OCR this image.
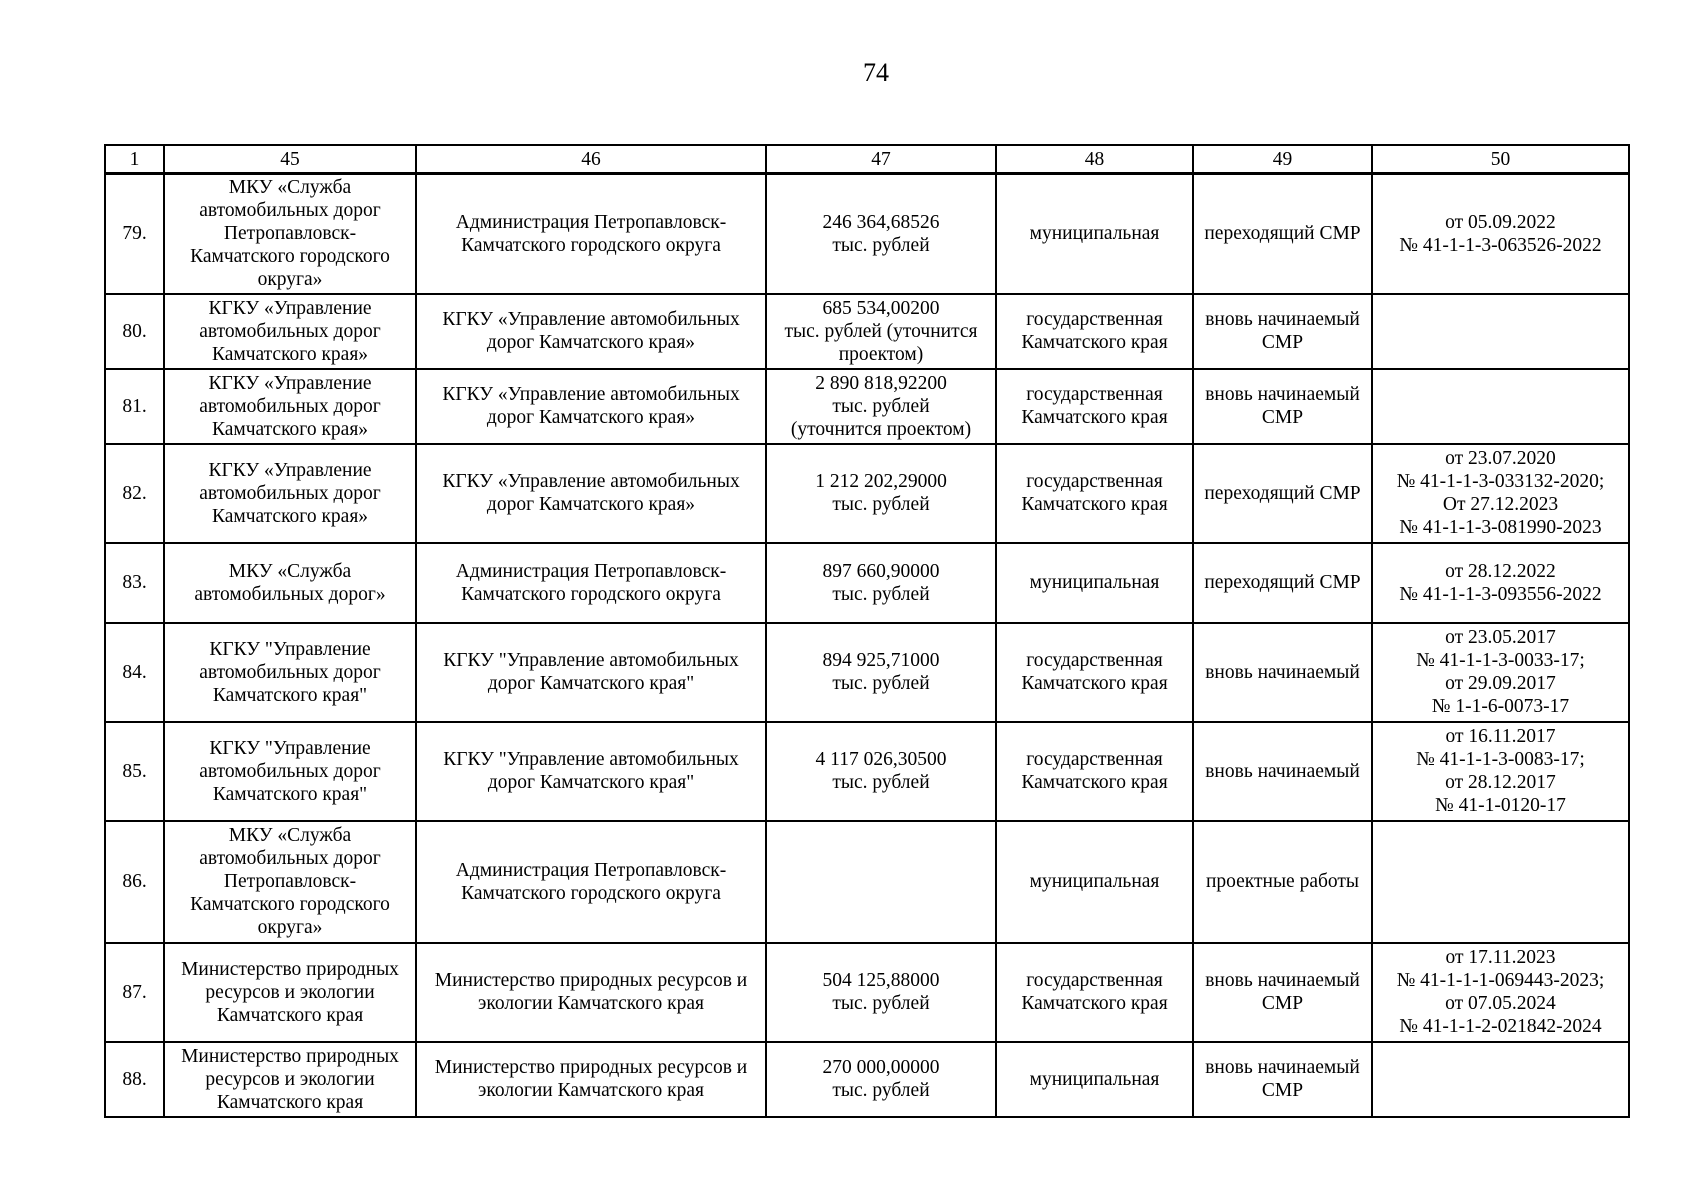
74
1	45	46	47	48	49	50
79.	МКУ «Служба
автомобильных дорог
Петропавловск-
Камчатского городского
округа»	Администрация Петропавловск-
Камчатского городского округа	246 364,68526
тыс. рублей	муниципальная	переходящий СМР	от 05.09.2022
№ 41-1-1-3-063526-2022

80.	КГКУ «Управление
автомобильных дорог
Камчатского края»	КГКУ «Управление автомобильных
дорог Камчатского края»	685 534,00200
тыс. рублей (уточнится
проектом)	государственная
Камчатского края	вновь начинаемый
СМР	

81.	КГКУ «Управление
автомобильных дорог
Камчатского края»	КГКУ «Управление автомобильных
дорог Камчатского края»	2 890 818,92200
тыс. рублей
(уточнится проектом)	государственная
Камчатского края	вновь начинаемый
СМР	

82.	КГКУ «Управление
автомобильных дорог
Камчатского края»	КГКУ «Управление автомобильных
дорог Камчатского края»	1 212 202,29000
тыс. рублей	государственная
Камчатского края	переходящий СМР	от 23.07.2020
№ 41-1-1-3-033132-2020;
От 27.12.2023
№ 41-1-1-3-081990-2023

83.	МКУ «Служба
автомобильных дорог»	Администрация Петропавловск-
Камчатского городского округа	897 660,90000
тыс. рублей	муниципальная	переходящий СМР	от 28.12.2022
№ 41-1-1-3-093556-2022

84.	КГКУ "Управление
автомобильных дорог
Камчатского края"	КГКУ "Управление автомобильных
дорог Камчатского края"	894 925,71000
тыс. рублей	государственная
Камчатского края	вновь начинаемый	от 23.05.2017
№ 41-1-1-3-0033-17;
от 29.09.2017
№ 1-1-6-0073-17

85.	КГКУ "Управление
автомобильных дорог
Камчатского края"	КГКУ "Управление автомобильных
дорог Камчатского края"	4 117 026,30500
тыс. рублей	государственная
Камчатского края	вновь начинаемый	от 16.11.2017
№ 41-1-1-3-0083-17;
от 28.12.2017
№ 41-1-0120-17

86.	МКУ «Служба
автомобильных дорог
Петропавловск-
Камчатского городского
округа»	Администрация Петропавловск-
Камчатского городского округа		муниципальная	проектные работы	

87.	Министерство природных
ресурсов и экологии
Камчатского края	Министерство природных ресурсов и
экологии Камчатского края	504 125,88000
тыс. рублей	государственная
Камчатского края	вновь начинаемый
СМР	от 17.11.2023
№ 41-1-1-1-069443-2023;
от 07.05.2024
№ 41-1-1-2-021842-2024

88.	Министерство природных
ресурсов и экологии
Камчатского края	Министерство природных ресурсов и
экологии Камчатского края	270 000,00000
тыс. рублей	муниципальная	вновь начинаемый
СМР	
